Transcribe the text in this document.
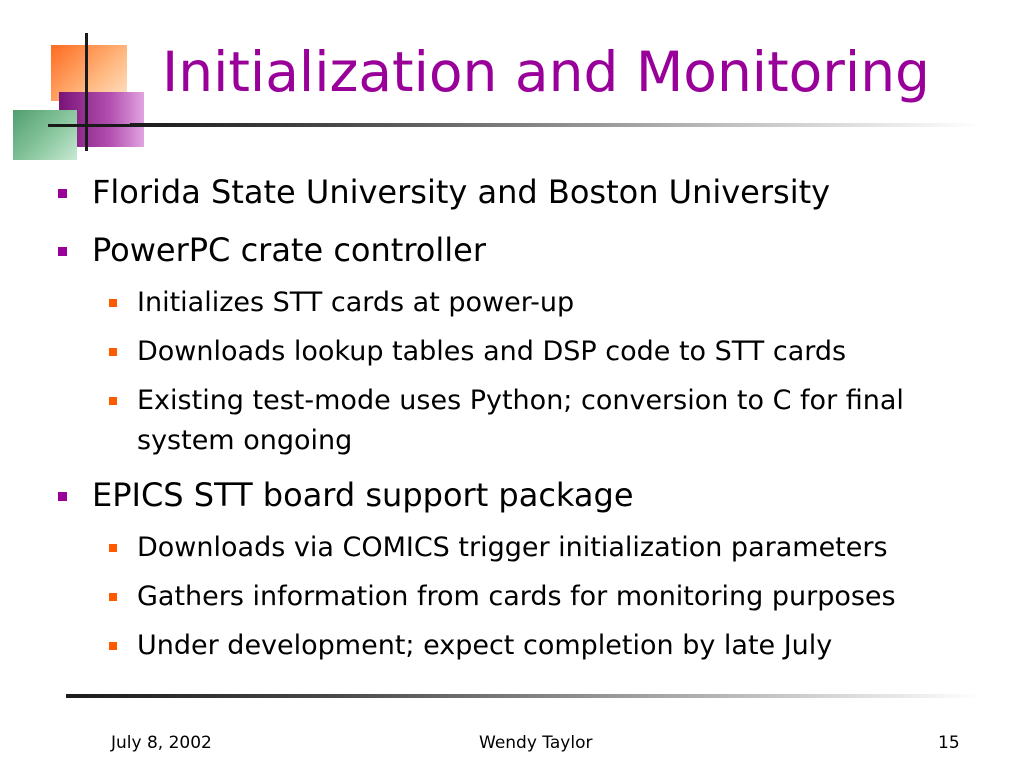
Initialization and Monitoring
Florida State University and Boston University
PowerPC crate controller
Initializes STT cards at power-up
Downloads lookup tables and DSP code to STT cards
Existing test-mode uses Python; conversion to C for final system ongoing
EPICS STT board support package
Downloads via COMICS trigger initialization parameters
Gathers information from cards for monitoring purposes
Under development; expect completion by late July
July 8, 2002	Wendy Taylor	15
